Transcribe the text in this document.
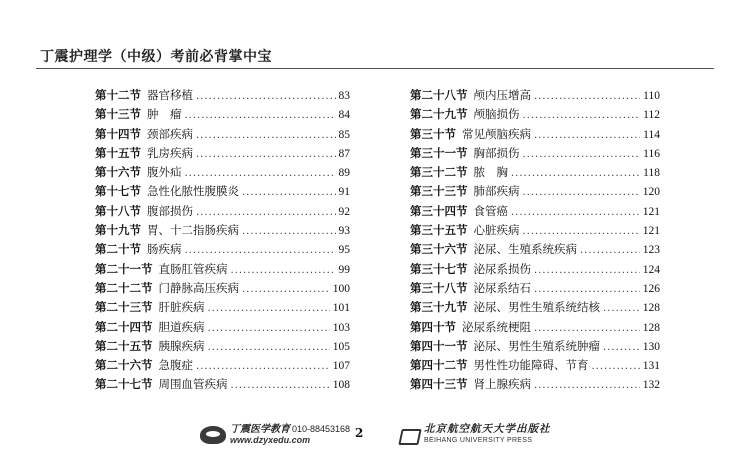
丁震护理学（中级）考前必背掌中宝
第十二节 器官移植 .....	83
第十三节 肿　瘤 .....	84
第十四节 颈部疾病 .....	85
第十五节 乳房疾病 .....	87
第十六节 腹外疝 .....	89
第十七节 急性化脓性腹膜炎 .....	91
第十八节 腹部损伤 .....	92
第十九节 胃、十二指肠疾病 .....	93
第二十节 肠疾病 .....	95
第二十一节 直肠肛管疾病 .....	99
第二十二节 门静脉高压疾病 .....	100
第二十三节 肝脏疾病 .....	101
第二十四节 胆道疾病 .....	103
第二十五节 胰腺疾病 .....	105
第二十六节 急腹症 .....	107
第二十七节 周围血管疾病 .....	108
第二十八节 颅内压增高 .....	110
第二十九节 颅脑损伤 .....	112
第三十节 常见颅脑疾病 .....	114
第三十一节 胸部损伤 .....	116
第三十二节 脓　胸 .....	118
第三十三节 肺部疾病 .....	120
第三十四节 食管癌 .....	121
第三十五节 心脏疾病 .....	121
第三十六节 泌尿、生殖系统疾病 .....	123
第三十七节 泌尿系损伤 .....	124
第三十八节 泌尿系结石 .....	126
第三十九节 泌尿、男性生殖系统结核 .....	128
第四十节 泌尿系统梗阻 .....	128
第四十一节 泌尿、男性生殖系统肿瘤 .....	130
第四十二节 男性性功能障碍、节育 .....	131
第四十三节 肾上腺疾病 .....	132
丁震医学教育 010-88453168
www.dzyxedu.com	2	北京航空航天大学出版社
BEIHANG UNIVERSITY PRESS
